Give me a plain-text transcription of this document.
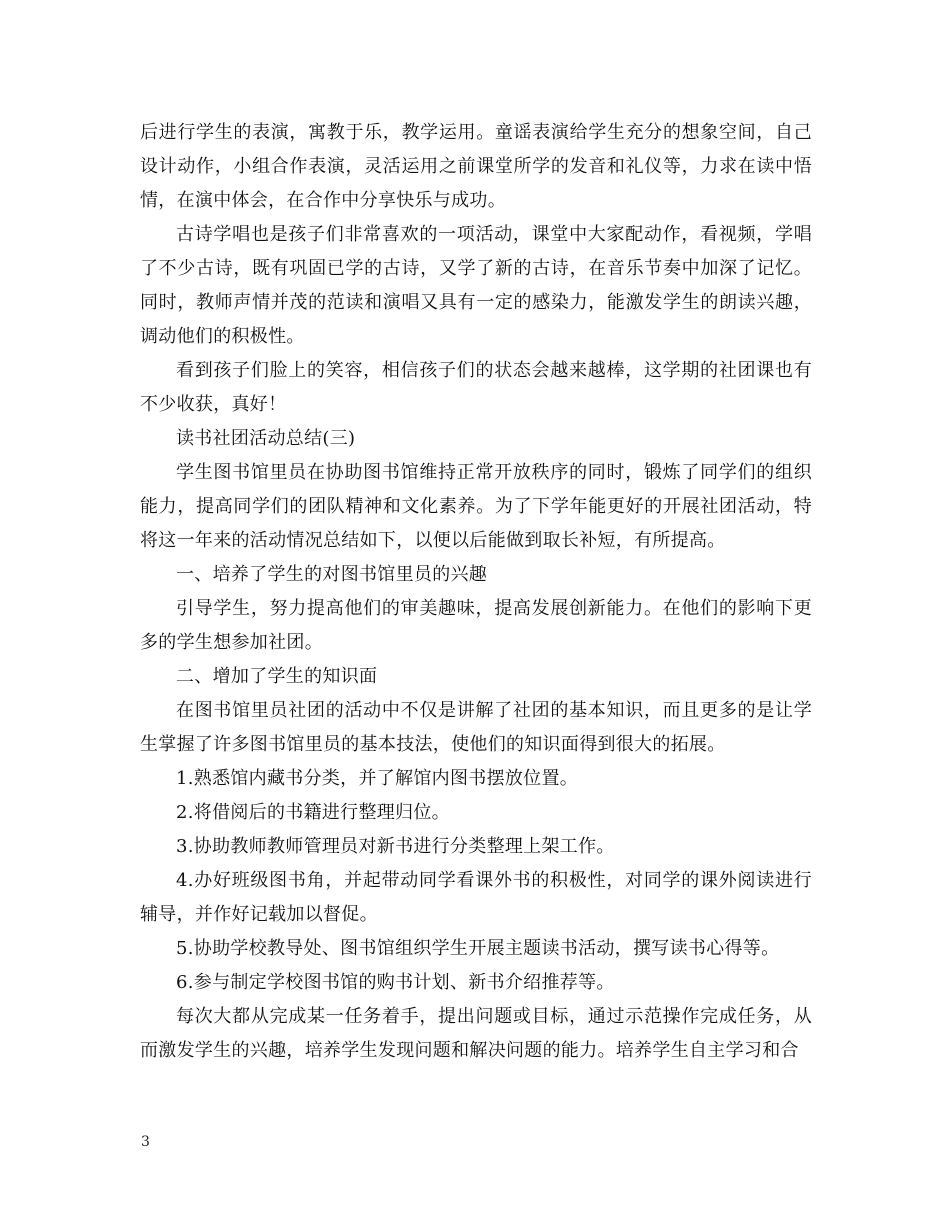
后进行学生的表演，寓教于乐，教学运用。童谣表演给学生充分的想象空间，自己设计动作，小组合作表演，灵活运用之前课堂所学的发音和礼仪等，力求在读中悟情，在演中体会，在合作中分享快乐与成功。

古诗学唱也是孩子们非常喜欢的一项活动，课堂中大家配动作，看视频，学唱了不少古诗，既有巩固已学的古诗，又学了新的古诗，在音乐节奏中加深了记忆。同时，教师声情并茂的范读和演唱又具有一定的感染力，能激发学生的朗读兴趣，调动他们的积极性。

看到孩子们脸上的笑容，相信孩子们的状态会越来越棒，这学期的社团课也有不少收获，真好！

读书社团活动总结(三)

学生图书馆里员在协助图书馆维持正常开放秩序的同时，锻炼了同学们的组织能力，提高同学们的团队精神和文化素养。为了下学年能更好的开展社团活动，特将这一年来的活动情况总结如下，以便以后能做到取长补短，有所提高。

一、培养了学生的对图书馆里员的兴趣

引导学生，努力提高他们的审美趣味，提高发展创新能力。在他们的影响下更多的学生想参加社团。

二、增加了学生的知识面

在图书馆里员社团的活动中不仅是讲解了社团的基本知识，而且更多的是让学生掌握了许多图书馆里员的基本技法，使他们的知识面得到很大的拓展。

1.熟悉馆内藏书分类，并了解馆内图书摆放位置。

2.将借阅后的书籍进行整理归位。

3.协助教师教师管理员对新书进行分类整理上架工作。

4.办好班级图书角，并起带动同学看课外书的积极性，对同学的课外阅读进行辅导，并作好记载加以督促。

5.协助学校教导处、图书馆组织学生开展主题读书活动，撰写读书心得等。

6.参与制定学校图书馆的购书计划、新书介绍推荐等。

每次大都从完成某一任务着手，提出问题或目标，通过示范操作完成任务，从而激发学生的兴趣，培养学生发现问题和解决问题的能力。培养学生自主学习和合

3
